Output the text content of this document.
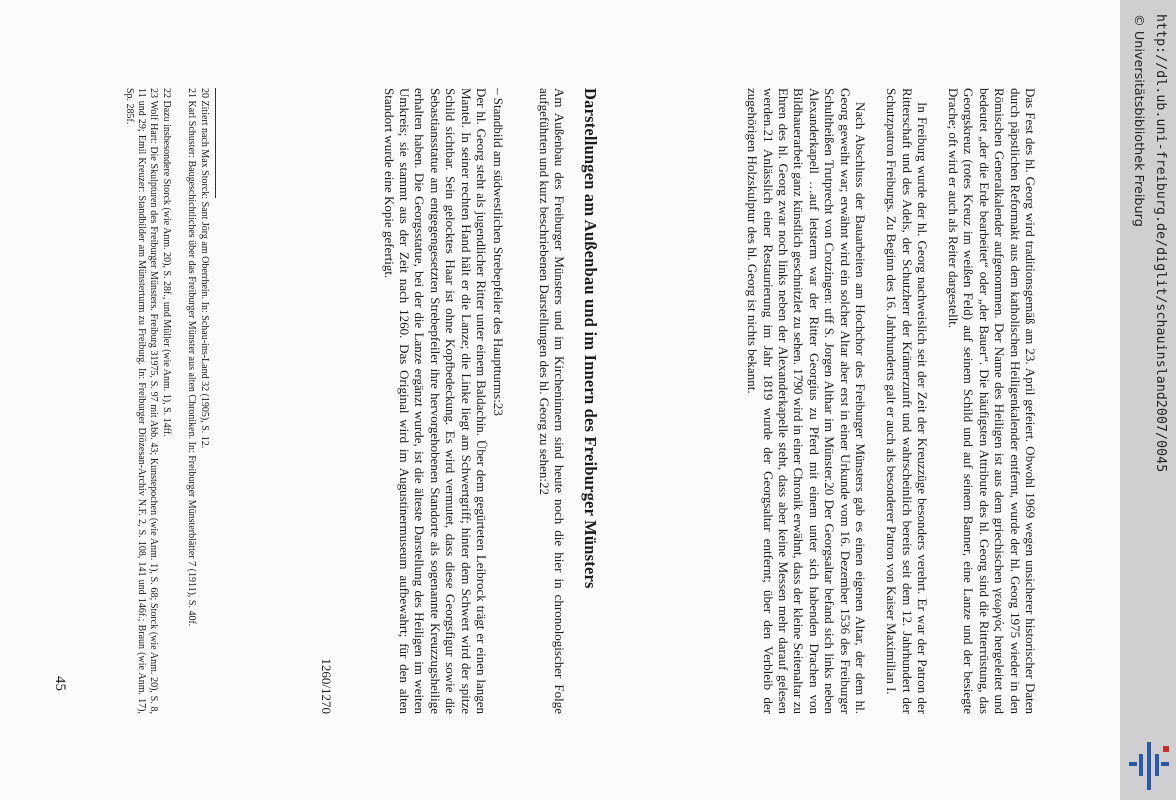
Das Fest des hl. Georg wird traditionsgemäß am 23. April gefeiert. Obwohl 1969 wegen unsicherer historischer Daten durch päpstlichen Reformakt aus dem katholischen Heiligenkalender entfernt, wurde der hl. Georg 1975 wieder in den Römischen Generalkalender aufgenommen. Der Name des Heiligen ist aus dem griechischen γεωργός hergeleitet und bedeutet „der die Erde bearbeitet“ oder „der Bauer“. Die häufigsten Attribute des hl. Georg sind die Ritterrüstung, das Georgskreuz (rotes Kreuz im weißen Feld) auf seinem Schild und auf seinem Banner, eine Lanze und der besiegte Drache; oft wird er auch als Reiter dargestellt.

In Freiburg wurde der hl. Georg nachweislich seit der Zeit der Kreuzzüge besonders verehrt. Er war der Patron der Ritterschaft und des Adels, der Schutzherr der Krämerzunft und wahrscheinlich bereits seit dem 12. Jahrhundert der Schutzpatron Freiburgs. Zu Beginn des 16. Jahrhunderts galt er auch als besonderer Patron von Kaiser Maximilian I.

Nach Abschluss der Bauarbeiten am Hochchor des Freiburger Münsters gab es einen eigenen Altar, der dem hl. Georg geweiht war; erwähnt wird ein solcher Altar aber erst in einer Urkunde vom 16. Dezember 1536 des Freiburger Schultheißen Trutprecht von Crotzingen: uff S. Jorgen Althar im Münster.20 Der Georgsaltar befand sich links neben Alexanderkapell …auf letsterm war der Ritter Georgius zu Pferd mit einem unter sich habenden Drachen von Bildhauerarbeit ganz künstlich geschnitzlet zu sehen. 1790 wird in einer Chronik erwähnt, dass der kleine Seitenaltar zu Ehren des hl. Georg zwar noch links neben der Alexanderkapelle steht, dass aber keine Messen mehr darauf gelesen werden.21 Anlässlich einer Restaurierung im Jahr 1819 wurde der Georgsaltar entfernt; über den Verbleib der zugehörigen Holzskulptur des hl. Georg ist nichts bekannt.

Darstellungen am Außenbau und im Innern des Freiburger Münsters

Am Außenbau des Freiburger Münsters und im Kircheninnern sind heute noch die hier in chronologischer Folge aufgeführten und kurz beschriebenen Darstellungen des hl. Georg zu sehen:22

– Standbild am südwestlichen Strebepfeiler des Hauptturms:23

Der hl. Georg steht als jugendlicher Ritter unter einem Baldachin. Über dem gegürteten Leibrock trägt er einen langen Mantel. In seiner rechten Hand hält er die Lanze; die Linke liegt am Schwertgriff; hinter dem Schwert wird der spitze Schild sichtbar. Sein gelocktes Haar ist ohne Kopfbedeckung. Es wird vermutet, dass diese Georgsfigur sowie die Sebastiansstatue am entgegengesetzten Strebepfeiler ihre hervorgehobenen Standorte als sogenannte Kreuzzugsheilige erhalten haben. Die Georgsstatue, bei der die Lanze ergänzt wurde, ist die älteste Darstellung des Heiligen im weiten Umkreis; sie stammt aus der Zeit nach 1260. Das Original wird im Augustinermuseum aufbewahrt; für den alten Standort wurde eine Kopie gefertigt.

1260/1270

20 Zitiert nach Max Storck: Sant Jörg am Oberrhein. In: Schau-ins-Land 32 (1905), S. 12.

21 Karl Schuster: Baugeschichtliches über das Freiburger Münster aus alten Chroniken. In: Freiburger Münsterblätter 7 (1911), S. 40f.

22 Dazu insbesondere Storck (wie Anm. 20), S. 28f., und Müller (wie Anm. 1), S. 14ff.

23 Wolf Hart: Die Skulpturen des Freiburger Münsters. Freiburg 31975, S. 97 mit Abb. 43; Kunstepochen (wie Anm. 1), S. 68; Storck (wie Anm. 20), S. 8, 11 und 29; Emil Kreuzer: Standbilder am Münsterturm zu Freiburg. In: Freiburger Diözesan-Archiv N.F. 2, S. 108, 141 und 146f.; Braun (wie Anm. 17), Sp. 285f.

45

http://dl.ub.uni-freiburg.de/diglit/schauinsland2007/0045
© Universitätsbibliothek Freiburg
